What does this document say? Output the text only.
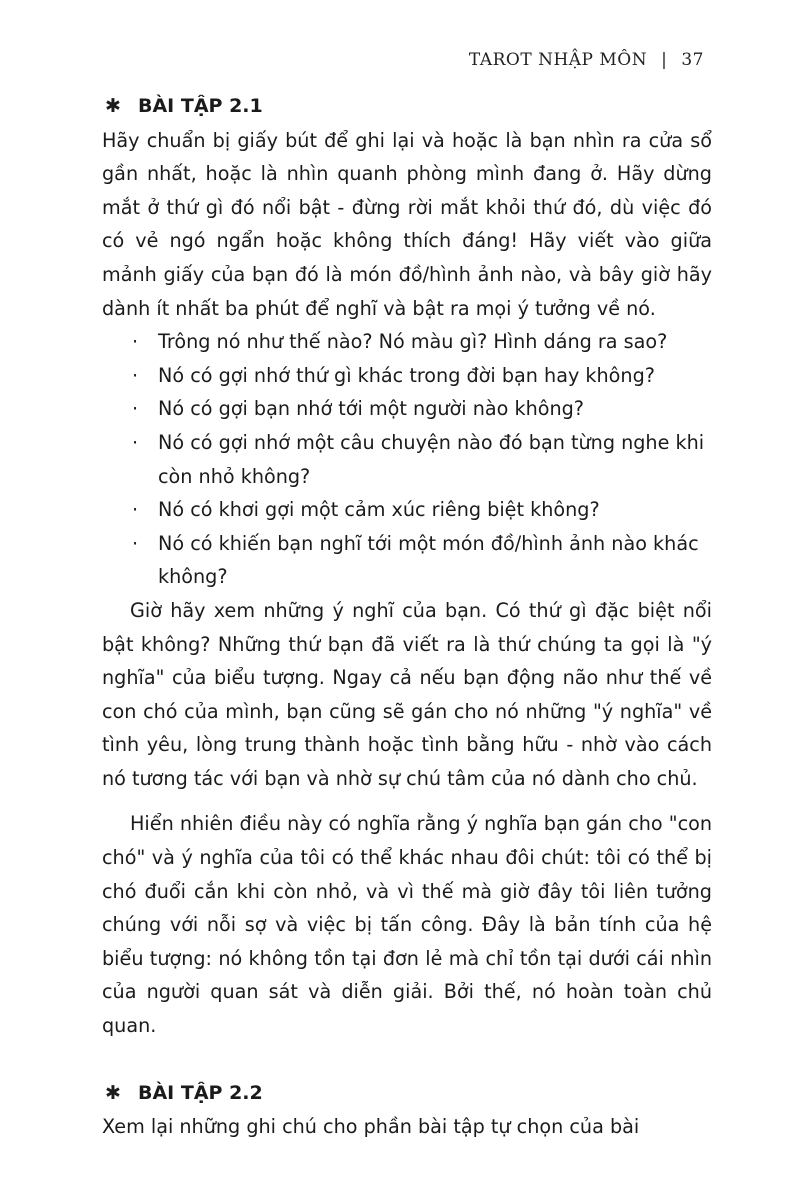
TAROT NHẬP MÔN | 37
✱ BÀI TẬP 2.1

Hãy chuẩn bị giấy bút để ghi lại và hoặc là bạn nhìn ra cửa sổ gần nhất, hoặc là nhìn quanh phòng mình đang ở. Hãy dừng mắt ở thứ gì đó nổi bật - đừng rời mắt khỏi thứ đó, dù việc đó có vẻ ngó ngẩn hoặc không thích đáng! Hãy viết vào giữa mảnh giấy của bạn đó là món đồ/hình ảnh nào, và bây giờ hãy dành ít nhất ba phút để nghĩ và bật ra mọi ý tưởng về nó.

· Trông nó như thế nào? Nó màu gì? Hình dáng ra sao?
· Nó có gợi nhớ thứ gì khác trong đời bạn hay không?
· Nó có gợi bạn nhớ tới một người nào không?
· Nó có gợi nhớ một câu chuyện nào đó bạn từng nghe khi còn nhỏ không?
· Nó có khơi gợi một cảm xúc riêng biệt không?
· Nó có khiến bạn nghĩ tới một món đồ/hình ảnh nào khác không?

Giờ hãy xem những ý nghĩ của bạn. Có thứ gì đặc biệt nổi bật không? Những thứ bạn đã viết ra là thứ chúng ta gọi là "ý nghĩa" của biểu tượng. Ngay cả nếu bạn động não như thế về con chó của mình, bạn cũng sẽ gán cho nó những "ý nghĩa" về tình yêu, lòng trung thành hoặc tình bằng hữu - nhờ vào cách nó tương tác với bạn và nhờ sự chú tâm của nó dành cho chủ.

Hiển nhiên điều này có nghĩa rằng ý nghĩa bạn gán cho "con chó" và ý nghĩa của tôi có thể khác nhau đôi chút: tôi có thể bị chó đuổi cắn khi còn nhỏ, và vì thế mà giờ đây tôi liên tưởng chúng với nỗi sợ và việc bị tấn công. Đây là bản tính của hệ biểu tượng: nó không tồn tại đơn lẻ mà chỉ tồn tại dưới cái nhìn của người quan sát và diễn giải. Bởi thế, nó hoàn toàn chủ quan.

✱ BÀI TẬP 2.2

Xem lại những ghi chú cho phần bài tập tự chọn của bài
